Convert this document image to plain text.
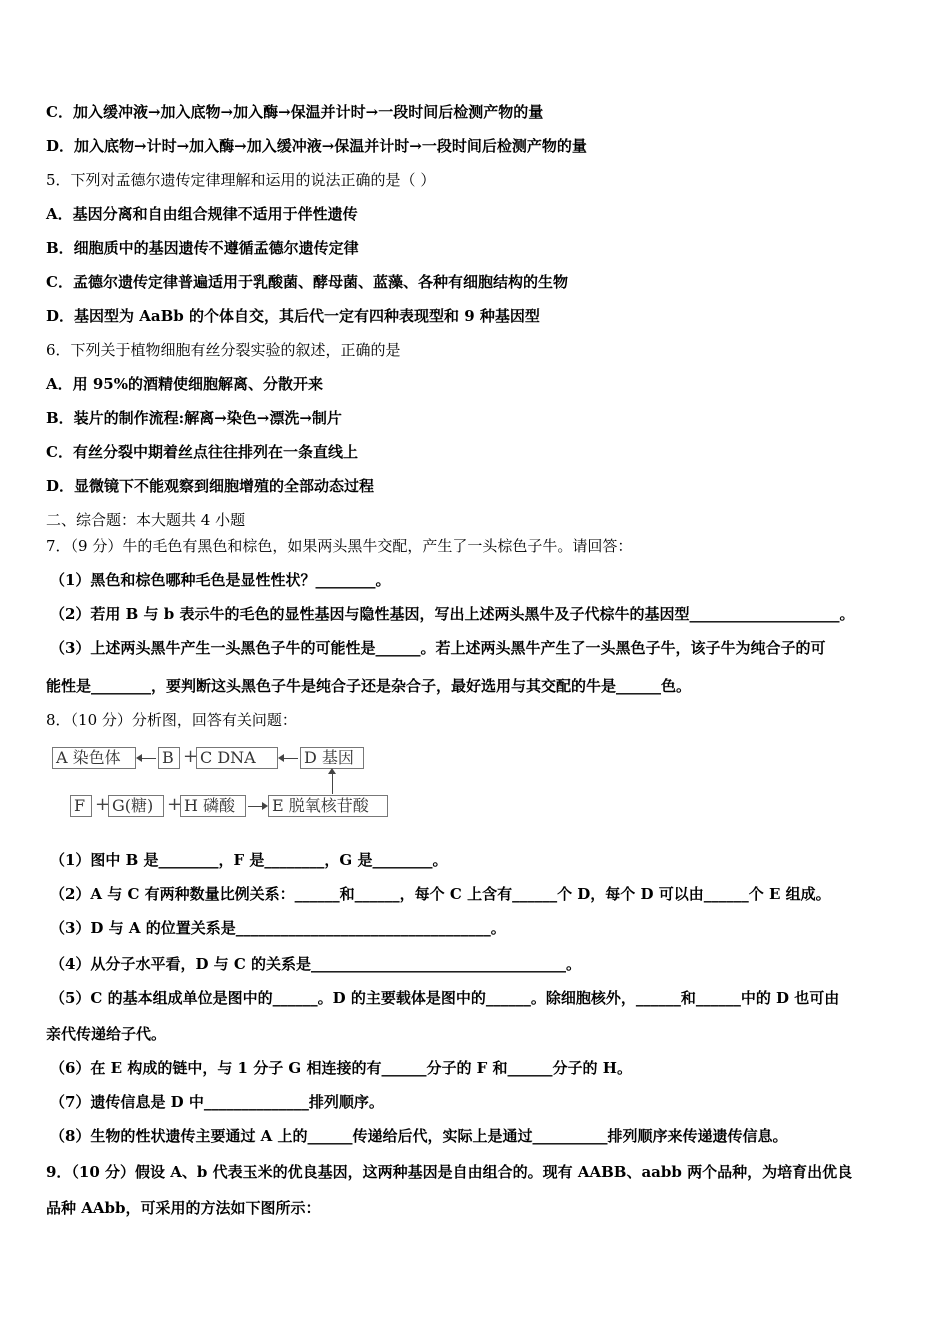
C．加入缓冲液→加入底物→加入酶→保温并计时→一段时间后检测产物的量
D．加入底物→计时→加入酶→加入缓冲液→保温并计时→一段时间后检测产物的量
5．下列对孟德尔遗传定律理解和运用的说法正确的是（ ）
A．基因分离和自由组合规律不适用于伴性遗传
B．细胞质中的基因遗传不遵循孟德尔遗传定律
C．孟德尔遗传定律普遍适用于乳酸菌、酵母菌、蓝藻、各种有细胞结构的生物
D．基因型为 AaBb 的个体自交，其后代一定有四种表现型和 9 种基因型
6．下列关于植物细胞有丝分裂实验的叙述，正确的是
A．用 95%的酒精使细胞解离、分散开来
B．装片的制作流程:解离→染色→漂洗→制片
C．有丝分裂中期着丝点往往排列在一条直线上
D．显微镜下不能观察到细胞增殖的全部动态过程
二、综合题：本大题共 4 小题
7．（9 分）牛的毛色有黑色和棕色，如果两头黑牛交配，产生了一头棕色子牛。请回答：
（1）黑色和棕色哪种毛色是显性性状？________。
（2）若用 B 与 b 表示牛的毛色的显性基因与隐性基因，写出上述两头黑牛及子代棕牛的基因型____________________。
（3）上述两头黑牛产生一头黑色子牛的可能性是______。若上述两头黑牛产生了一头黑色子牛，该子牛为纯合子的可
能性是________，要判断这头黑色子牛是纯合子还是杂合子，最好选用与其交配的牛是______色。
8．（10 分）分析图，回答有关问题：
A 染色体	B + C DNA	D 基因
F + G(糖) + H 磷酸	E 脱氧核苷酸
（1）图中 B 是________，F 是________，G 是________。
（2）A 与 C 有两种数量比例关系：______和______，每个 C 上含有______个 D，每个 D 可以由______个 E 组成。
（3）D 与 A 的位置关系是__________________________________。
（4）从分子水平看，D 与 C 的关系是__________________________________。
（5）C 的基本组成单位是图中的______。D 的主要载体是图中的______。除细胞核外，______和______中的 D 也可由
亲代传递给子代。
（6）在 E 构成的链中，与 1 分子 G 相连接的有______分子的 F 和______分子的 H。
（7）遗传信息是 D 中______________排列顺序。
（8）生物的性状遗传主要通过 A 上的______传递给后代，实际上是通过__________排列顺序来传递遗传信息。
9．（10 分）假设 A、b 代表玉米的优良基因，这两种基因是自由组合的。现有 AABB、aabb 两个品种，为培育出优良
品种 AAbb，可采用的方法如下图所示：
